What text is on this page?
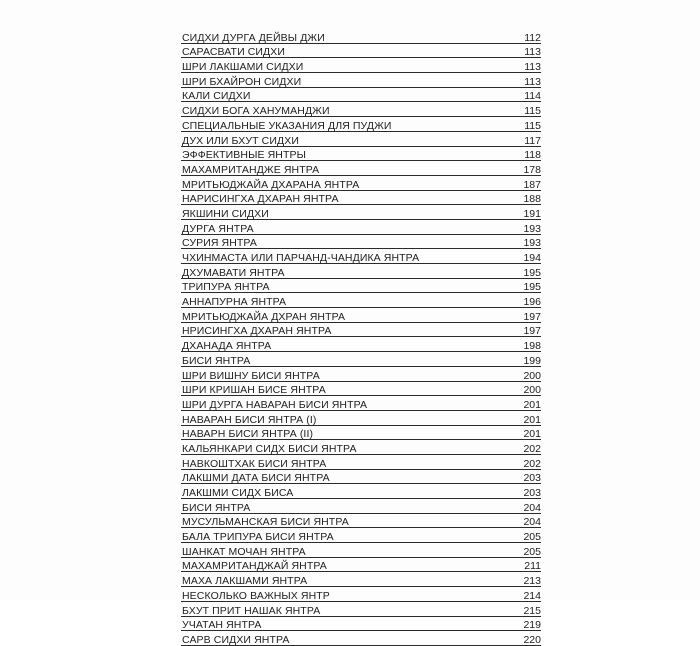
СИДХИ ДУРГА ДЕЙВЫ ДЖИ	112
САРАСВАТИ СИДХИ	113
ШРИ ЛАКШАМИ СИДХИ	113
ШРИ БХАЙРОН СИДХИ	113
КАЛИ СИДХИ	114
СИДХИ БОГА ХАНУМАНДЖИ	115
СПЕЦИАЛЬНЫЕ УКАЗАНИЯ ДЛЯ ПУДЖИ	115
ДУХ ИЛИ БХУТ СИДХИ	117
ЭФФЕКТИВНЫЕ ЯНТРЫ	118
МАХАМРИТАНДЖЕ ЯНТРА	178
МРИТЬЮДЖАЙА ДХАРАНА ЯНТРА	187
НАРИСИНГХА ДХАРАН ЯНТРА	188
ЯКШИНИ СИДХИ	191
ДУРГА ЯНТРА	193
СУРИЯ ЯНТРА	193
ЧХИНМАСТА ИЛИ ПАРЧАНД-ЧАНДИКА ЯНТРА	194
ДХУМАВАТИ ЯНТРА	195
ТРИПУРА ЯНТРА	195
АННАПУРНА ЯНТРА	196
МРИТЬЮДЖАЙА ДХРАН ЯНТРА	197
НРИСИНГХА ДХАРАН ЯНТРА	197
ДХАНАДА ЯНТРА	198
БИСИ ЯНТРА	199
ШРИ ВИШНУ БИСИ ЯНТРА	200
ШРИ КРИШАН БИСЕ ЯНТРА	200
ШРИ ДУРГА НАВАРАН БИСИ ЯНТРА	201
НАВАРАН БИСИ ЯНТРА (I)	201
НАВАРН БИСИ ЯНТРА (II)	201
КАЛЬЯНКАРИ СИДХ БИСИ ЯНТРА	202
НАВКОШТХАК БИСИ ЯНТРА	202
ЛАКШМИ ДАТА БИСИ ЯНТРА	203
ЛАКШМИ СИДХ БИСА	203
БИСИ ЯНТРА	204
МУСУЛЬМАНСКАЯ БИСИ ЯНТРА	204
БАЛА ТРИПУРА БИСИ ЯНТРА	205
ШАНКАТ МОЧАН ЯНТРА	205
МАХАМРИТАНДЖАЙ ЯНТРА	211
МАХА ЛАКШАМИ ЯНТРА	213
НЕСКОЛЬКО ВАЖНЫХ ЯНТР	214
БХУТ ПРИТ НАШАК ЯНТРА	215
УЧАТАН ЯНТРА	219
САРВ СИДХИ ЯНТРА	220
